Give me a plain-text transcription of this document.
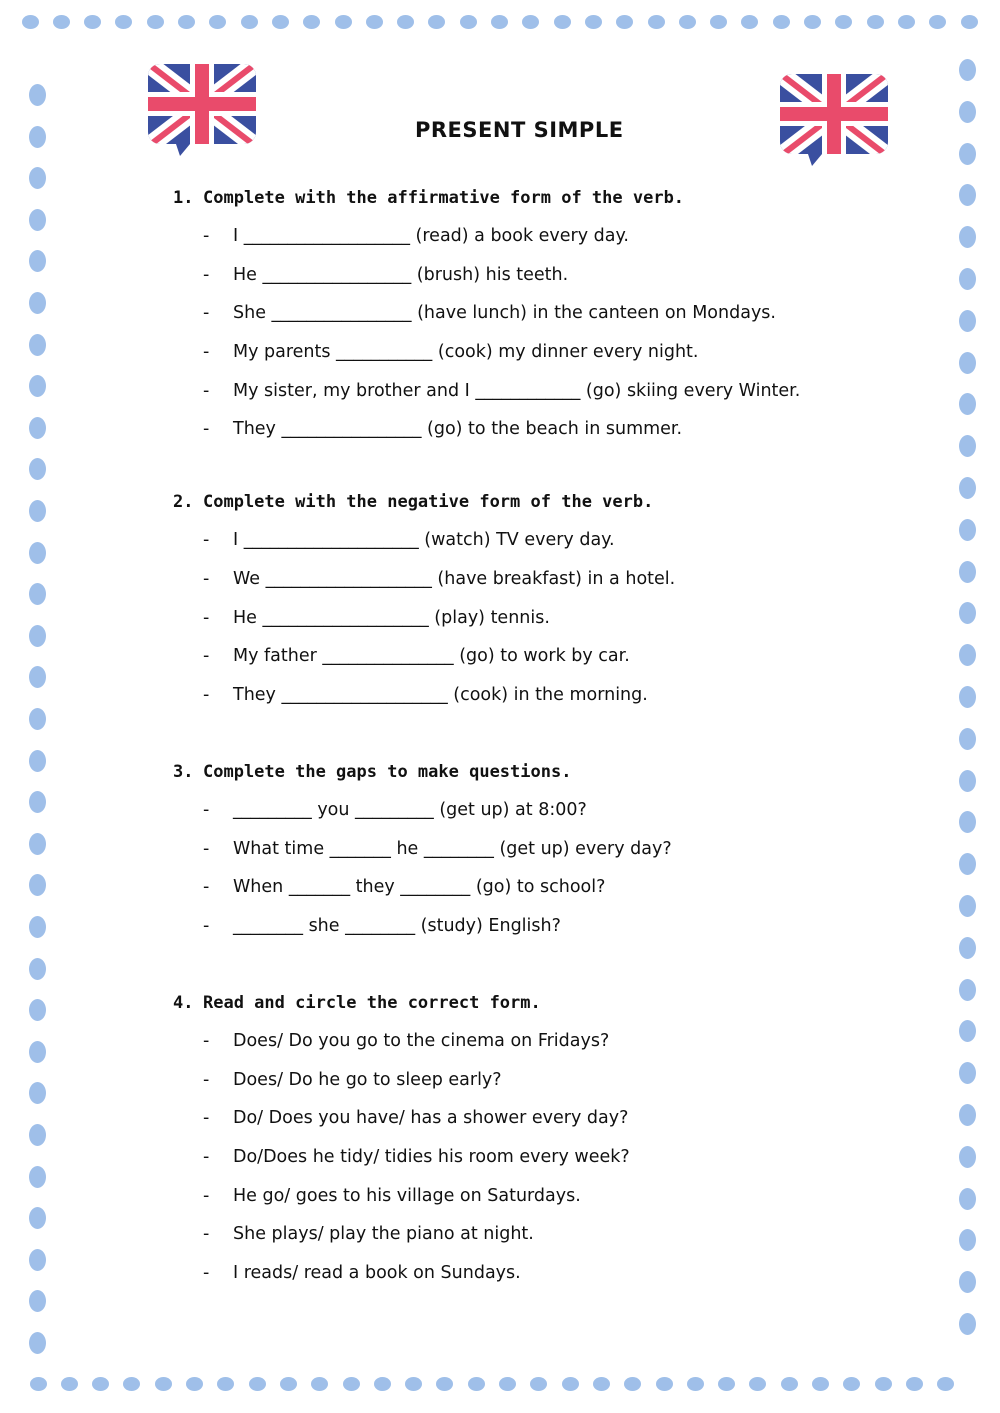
PRESENT SIMPLE
1. Complete with the affirmative form of the verb.
- I ___________________ (read) a book every day.
- He _________________ (brush) his teeth.
- She ________________ (have lunch) in the canteen on Mondays.
- My parents ___________ (cook) my dinner every night.
- My sister, my brother and I ____________ (go) skiing every Winter.
- They ________________ (go) to the beach in summer.
2. Complete with the negative form of the verb.
- I ____________________ (watch) TV every day.
- We ___________________ (have breakfast) in a hotel.
- He ___________________ (play) tennis.
- My father _______________ (go) to work by car.
- They ___________________ (cook) in the morning.
3. Complete the gaps to make questions.
- _________ you _________ (get up) at 8:00?
- What time _______ he ________ (get up) every day?
- When _______ they ________ (go) to school?
- ________ she ________ (study) English?
4. Read and circle the correct form.
- Does/ Do you go to the cinema on Fridays?
- Does/ Do he go to sleep early?
- Do/ Does you have/ has a shower every day?
- Do/Does he tidy/ tidies his room every week?
- He go/ goes to his village on Saturdays.
- She plays/ play the piano at night.
- I reads/ read a book on Sundays.
